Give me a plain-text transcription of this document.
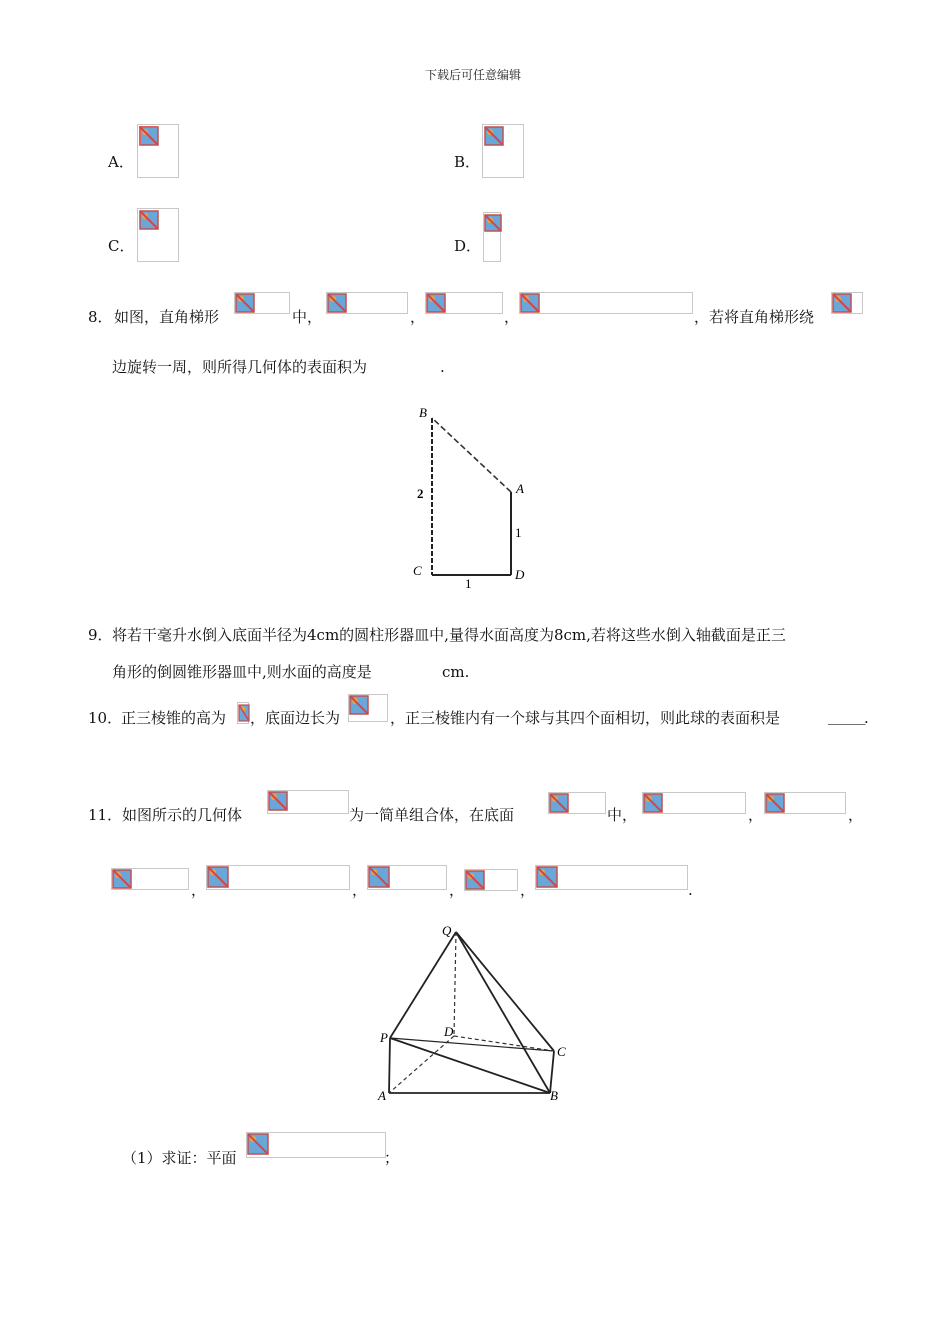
下载后可任意编辑
A．	B．
C．	D．
8． 如图，直角梯形	中，	，	，	，若将直角梯形绕
边旋转一周，则所得几何体的表面积为	.
B
A
C	D
2
1
1
9． 将若干毫升水倒入底面半径为4cm的圆柱形器皿中,量得水面高度为8cm,若将这些水倒入轴截面是正三
角形的倒圆锥形器皿中,则水面的高度是	cm.
10．
正三棱锥的高为 ，底面边长为	，正三棱锥内有一个球与其四个面相切，则此球的表面积是	_____
.
11． 如图所示的几何体	为一简单组合体，在底面	中，	，	，
，	，	，	，	.
Q
P	D
C
A	B
（1）求证：平面	；
